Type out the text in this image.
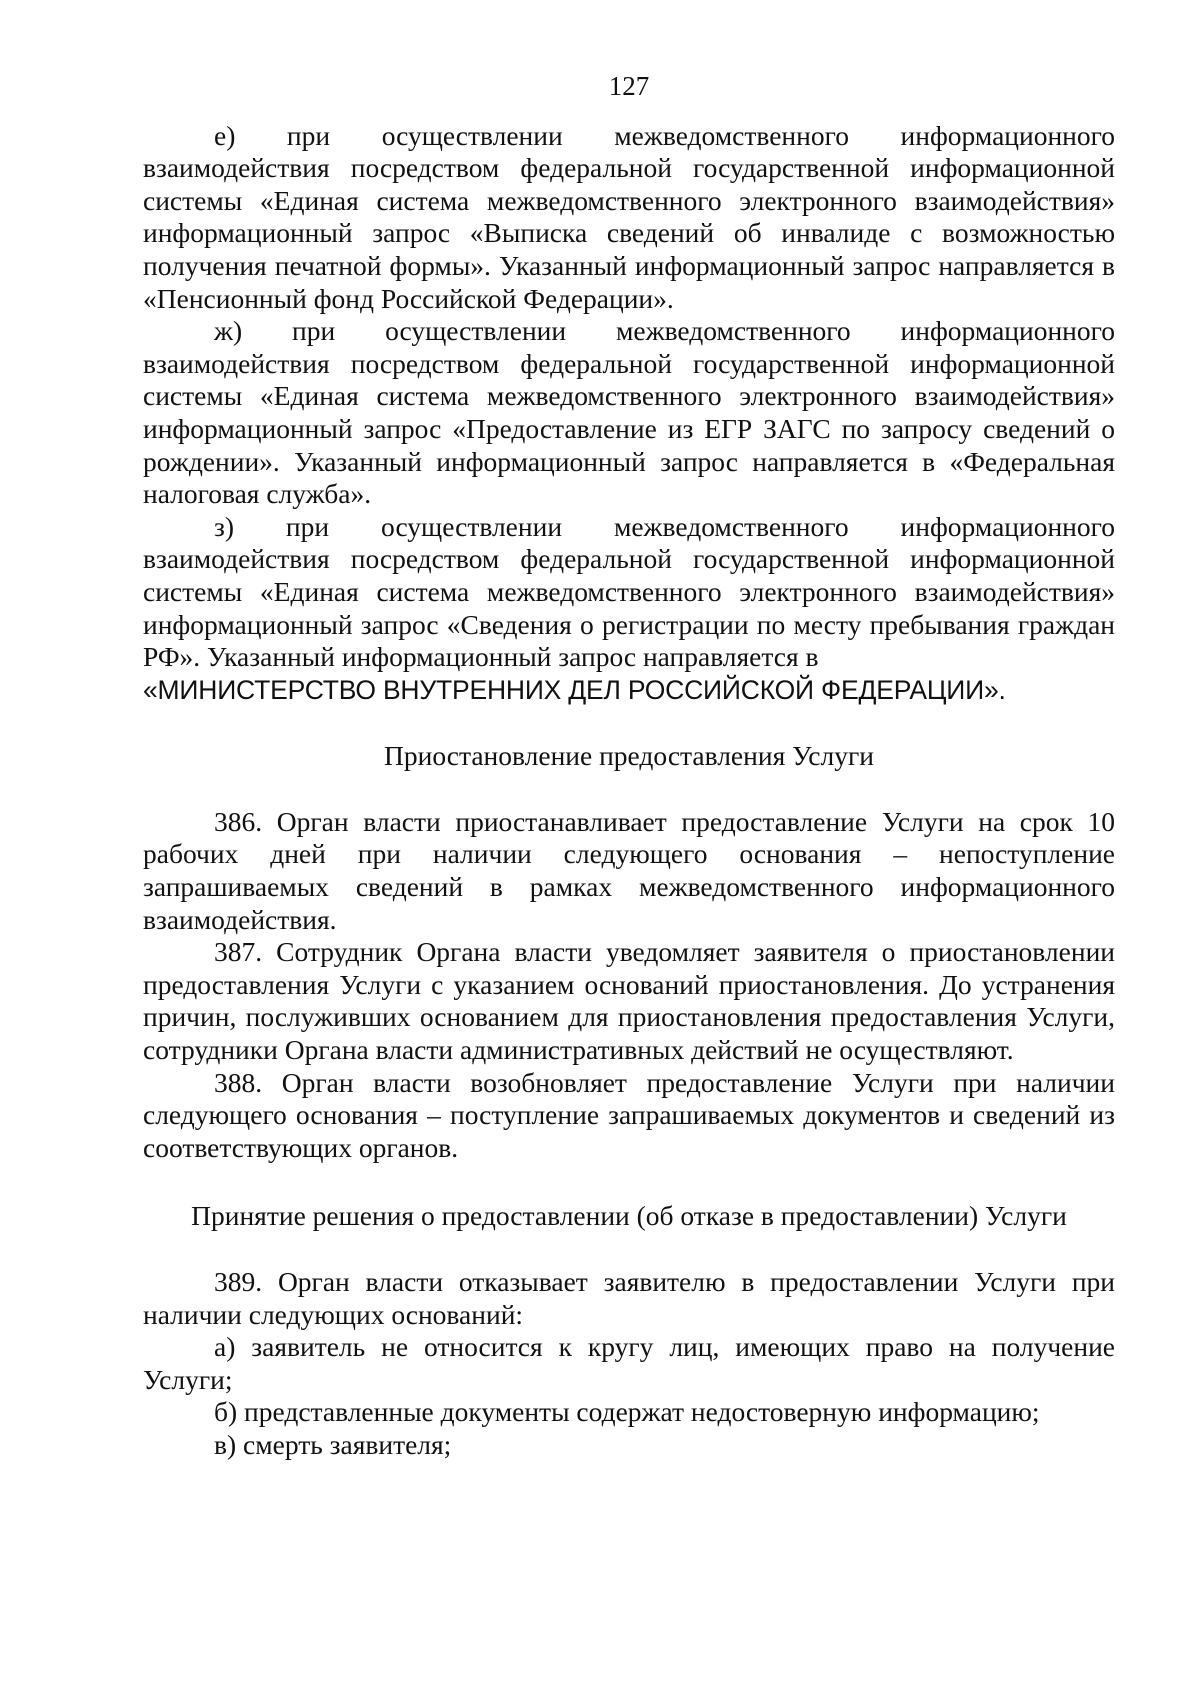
127

е) при осуществлении межведомственного информационного взаимодействия посредством федеральной государственной информационной системы «Единая система межведомственного электронного взаимодействия» информационный запрос «Выписка сведений об инвалиде с возможностью получения печатной формы». Указанный информационный запрос направляется в «Пенсионный фонд Российской Федерации».

ж) при осуществлении межведомственного информационного взаимодействия посредством федеральной государственной информационной системы «Единая система межведомственного электронного взаимодействия» информационный запрос «Предоставление из ЕГР ЗАГС по запросу сведений о рождении». Указанный информационный запрос направляется в «Федеральная налоговая служба».

з) при осуществлении межведомственного информационного взаимодействия посредством федеральной государственной информационной системы «Единая система межведомственного электронного взаимодействия» информационный запрос «Сведения о регистрации по месту пребывания граждан РФ». Указанный информационный запрос направляется в
«МИНИСТЕРСТВО ВНУТРЕННИХ ДЕЛ РОССИЙСКОЙ ФЕДЕРАЦИИ».

Приостановление предоставления Услуги

386. Орган власти приостанавливает предоставление Услуги на срок 10 рабочих дней при наличии следующего основания – непоступление запрашиваемых сведений в рамках межведомственного информационного взаимодействия.

387. Сотрудник Органа власти уведомляет заявителя о приостановлении предоставления Услуги с указанием оснований приостановления. До устранения причин, послуживших основанием для приостановления предоставления Услуги, сотрудники Органа власти административных действий не осуществляют.

388. Орган власти возобновляет предоставление Услуги при наличии следующего основания – поступление запрашиваемых документов и сведений из соответствующих органов.

Принятие решения о предоставлении (об отказе в предоставлении) Услуги

389. Орган власти отказывает заявителю в предоставлении Услуги при наличии следующих оснований:

а) заявитель не относится к кругу лиц, имеющих право на получение Услуги;

б) представленные документы содержат недостоверную информацию;

в) смерть заявителя;
